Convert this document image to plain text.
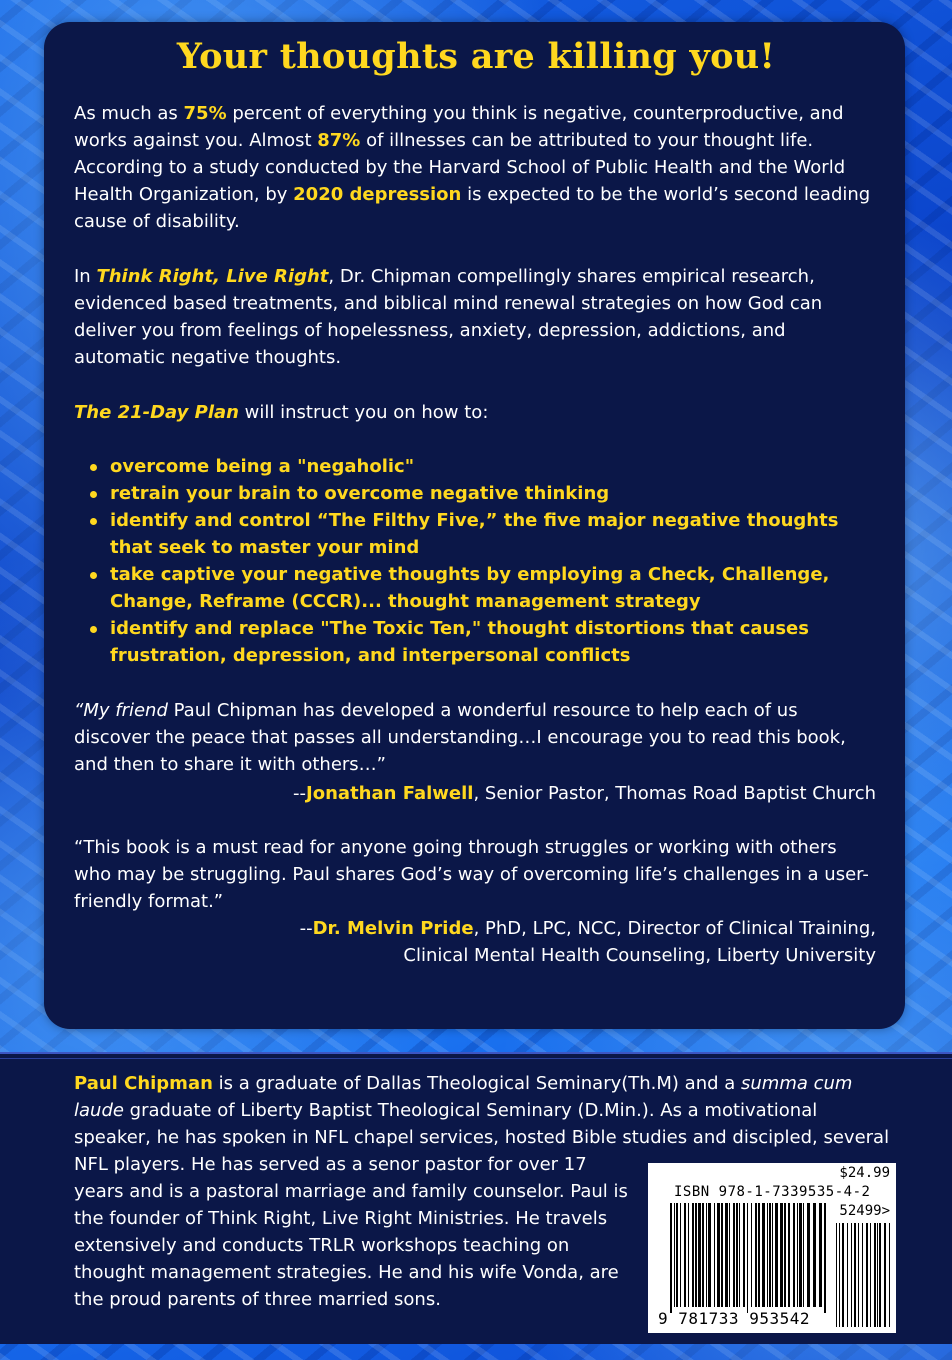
Your thoughts are killing you!
As much as 75% percent of everything you think is negative, counterproductive, and works against you. Almost 87% of illnesses can be attributed to your thought life. According to a study conducted by the Harvard School of Public Health and the World Health Organization, by 2020 depression is expected to be the world’s second leading cause of disability.
In Think Right, Live Right, Dr. Chipman compellingly shares empirical research, evidenced based treatments, and biblical mind renewal strategies on how God can deliver you from feelings of hopelessness, anxiety, depression, addictions, and automatic negative thoughts.
The 21-Day Plan will instruct you on how to:
overcome being a "negaholic"
retrain your brain to overcome negative thinking
identify and control “The Filthy Five,” the five major negative thoughts that seek to master your mind
take captive your negative thoughts by employing a Check, Challenge, Change, Reframe (CCCR)... thought management strategy
identify and replace "The Toxic Ten," thought distortions that causes frustration, depression, and interpersonal conflicts
“My friend Paul Chipman has developed a wonderful resource to help each of us discover the peace that passes all understanding…I encourage you to read this book, and then to share it with others…”
--Jonathan Falwell, Senior Pastor, Thomas Road Baptist Church
“This book is a must read for anyone going through struggles or working with others who may be struggling. Paul shares God’s way of overcoming life’s challenges in a user-friendly format.”
--Dr. Melvin Pride, PhD, LPC, NCC, Director of Clinical Training,
Clinical Mental Health Counseling, Liberty University
Paul Chipman is a graduate of Dallas Theological Seminary(Th.M) and a summa cum
laude graduate of Liberty Baptist Theological Seminary (D.Min.). As a motivational
speaker, he has spoken in NFL chapel services, hosted Bible studies and discipled, several
NFL players. He has served as a senor pastor for over 17
years and is a pastoral marriage and family counselor. Paul is
the founder of Think Right, Live Right Ministries. He travels
extensively and conducts TRLR workshops teaching on
thought management strategies. He and his wife Vonda, are
the proud parents of three married sons.
$24.99
ISBN 978-1-7339535-4-2
52499>
9 781733 953542
